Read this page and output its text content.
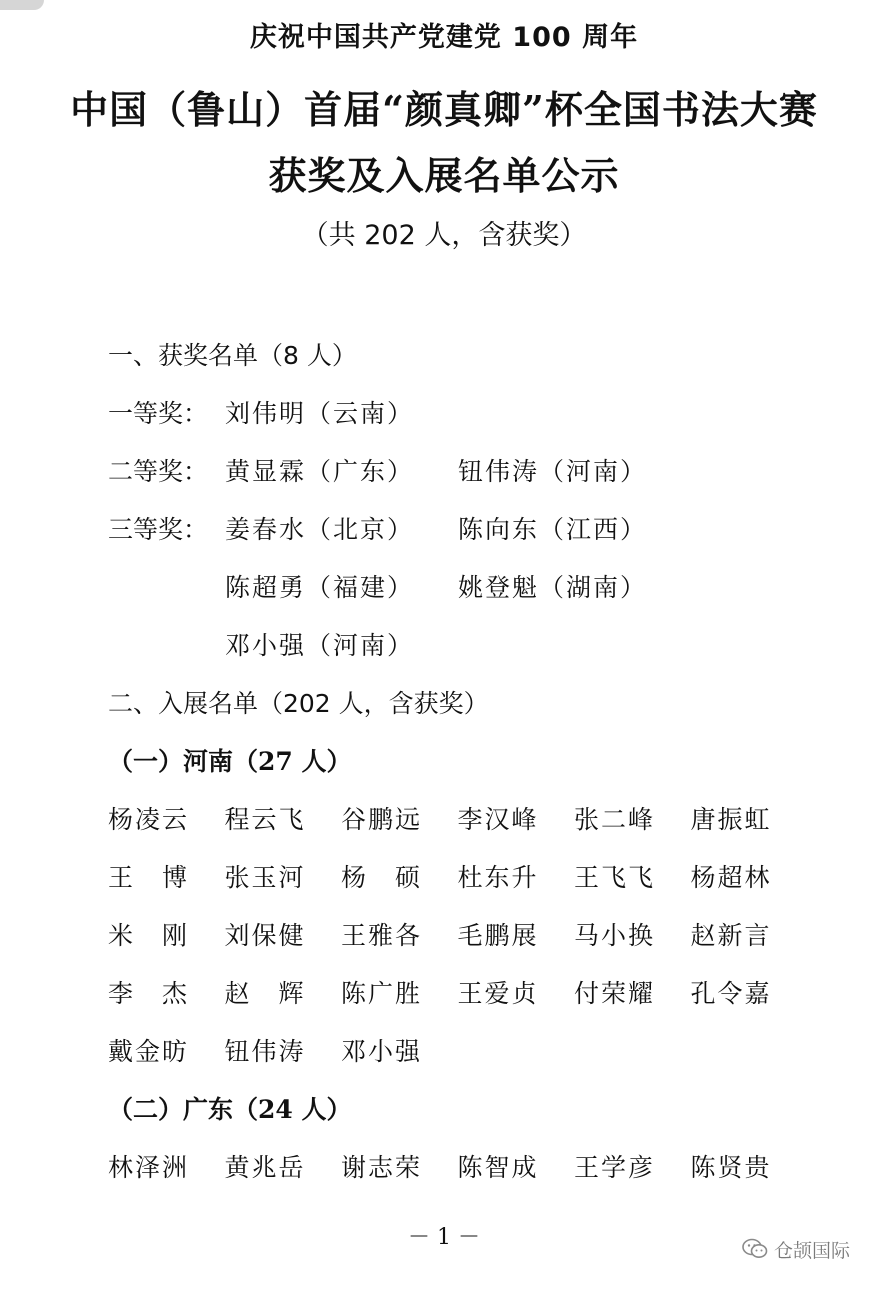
庆祝中国共产党建党 100 周年
中国（鲁山）首届“颜真卿”杯全国书法大赛
获奖及入展名单公示
（共 202 人，含获奖）
一、获奖名单（8 人）
一等奖： 刘伟明（云南）
二等奖： 黄显霖（广东） 钮伟涛（河南）
三等奖： 姜春水（北京） 陈向东（江西）
陈超勇（福建） 姚登魁（湖南）
邓小强（河南）
二、入展名单（202 人，含获奖）
（一）河南（27 人）
杨凌云	程云飞	谷鹏远	李汉峰	张二峰	唐振虹
王　博	张玉河	杨　硕	杜东升	王飞飞	杨超林
米　刚	刘保健	王雅各	毛鹏展	马小换	赵新言
李　杰	赵　辉	陈广胜	王爱贞	付荣耀	孔令嘉
戴金昉	钮伟涛	邓小强
（二）广东（24 人）
林泽洲	黄兆岳	谢志荣	陈智成	王学彦	陈贤贵
－ 1 －
仓颉国际
